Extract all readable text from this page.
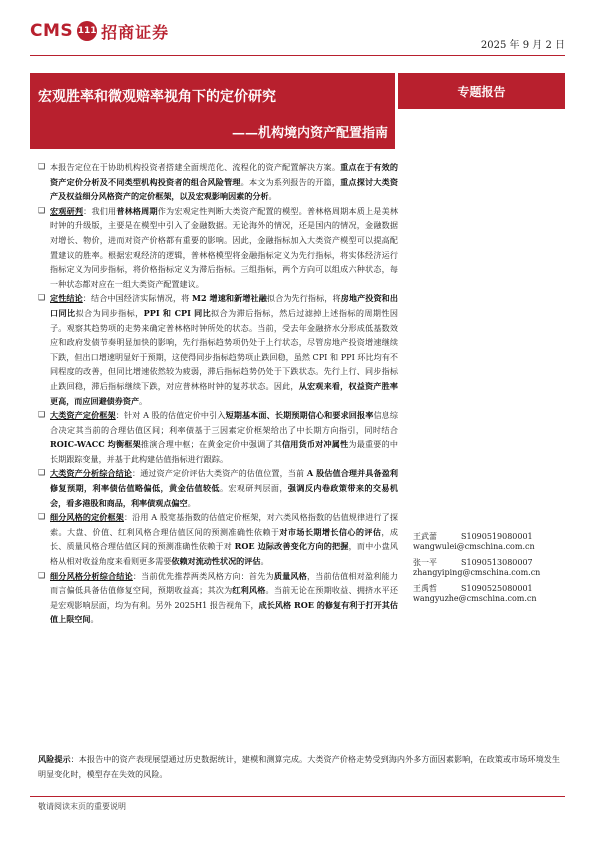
CMS 111 招商证券
2025 年 9 月 2 日
宏观胜率和微观赔率视角下的定价研究
——机构境内资产配置指南
专题报告
❑ 本报告定位在于协助机构投资者搭建全面规范化、流程化的资产配置解决方案。重点在于有效的资产定价分析及不同类型机构投资者的组合风险管理。本文为系列报告的开篇，重点探讨大类资产及权益细分风格资产的定价框架，以及宏观影响因素的分析。
❑ 宏观研判：我们用普林格周期作为宏观定性判断大类资产配置的模型。普林格周期本质上是美林时钟的升级版，主要是在模型中引入了金融数据。无论海外的情况，还是国内的情况，金融数据对增长、物价，进而对资产价格都有重要的影响。因此，金融指标加入大类资产模型可以提高配置建议的胜率。根据宏观经济的逻辑，普林格模型将金融指标定义为先行指标，将实体经济运行指标定义为同步指标，将价格指标定义为滞后指标。三组指标，两个方向可以组成六种状态，每一种状态都对应在一组大类资产配置建议。
❑ 定性结论：结合中国经济实际情况，将 M2 增速和新增社融拟合为先行指标，将房地产投资和出口同比拟合为同步指标，PPI 和 CPI 同比拟合为滞后指标，然后过滤掉上述指标的周期性因子。观察其趋势项的走势来确定普林格时钟所处的状态。当前，受去年金融挤水分形成低基数效应和政府发债节奏明显加快的影响，先行指标趋势项仍处于上行状态，尽管房地产投资增速继续下跌，但出口增速明显好于预期，这使得同步指标趋势项止跌回稳，虽然 CPI 和 PPI 环比均有不同程度的改善，但同比增速依然较为疲弱，滞后指标趋势仍处于下跌状态。先行上行、同步指标止跌回稳，滞后指标继续下跌，对应普林格时钟的复苏状态。因此，从宏观来看，权益资产胜率更高，而应回避债券资产。
❑ 大类资产定价框架：针对 A 股的估值定价中引入短期基本面、长期预期信心和要求回报率信息综合决定其当前的合理估值区间；利率债基于三因素定价框架给出了中长期方向指引，同时结合 ROIC-WACC 均衡框架推演合理中枢；在黄金定价中强调了其信用货币对冲属性为最重要的中长期跟踪变量，并基于此构建估值指标进行跟踪。
❑ 大类资产分析综合结论：通过资产定价评估大类资产的估值位置，当前 A 股估值合理并具备盈利修复预期，利率债估值略偏低，黄金估值较低。宏观研判层面，强调反内卷政策带来的交易机会，看多港股和商品，利率债观点偏空。
❑ 细分风格的定价框架：沿用 A 股宽基指数的估值定价框架，对六类风格指数的估值规律进行了探索。大盘、价值、红利风格合理估值区间的预测准确性依赖于对市场长期增长信心的评估，成长、质量风格合理估值区间的预测准确性依赖于对 ROE 边际改善变化方向的把握，而中小盘风格从相对收益角度来看则更多需要依赖对流动性状况的评估。
❑ 细分风格分析综合结论：当前优先推荐两类风格方向：首先为质量风格，当前估值相对盈利能力而言偏低具备估值修复空间，预期收益高；其次为红利风格。当前无论在预期收益、拥挤水平还是宏观影响层面，均为有利。另外 2025H1 报告视角下，成长风格 ROE 的修复有利于打开其估值上限空间。
王武蕾	S1090519080001
wangwulei@cmschina.com.cn
张一平	S1090513080007
zhangyiping@cmschina.com.cn
王禹哲	S1090525080001
wangyuzhe@cmschina.com.cn
风险提示：本报告中的资产表现展望通过历史数据统计，建模和测算完成。大类资产价格走势受到海内外多方面因素影响，在政策或市场环境发生明显变化时，模型存在失效的风险。
敬请阅读末页的重要说明
